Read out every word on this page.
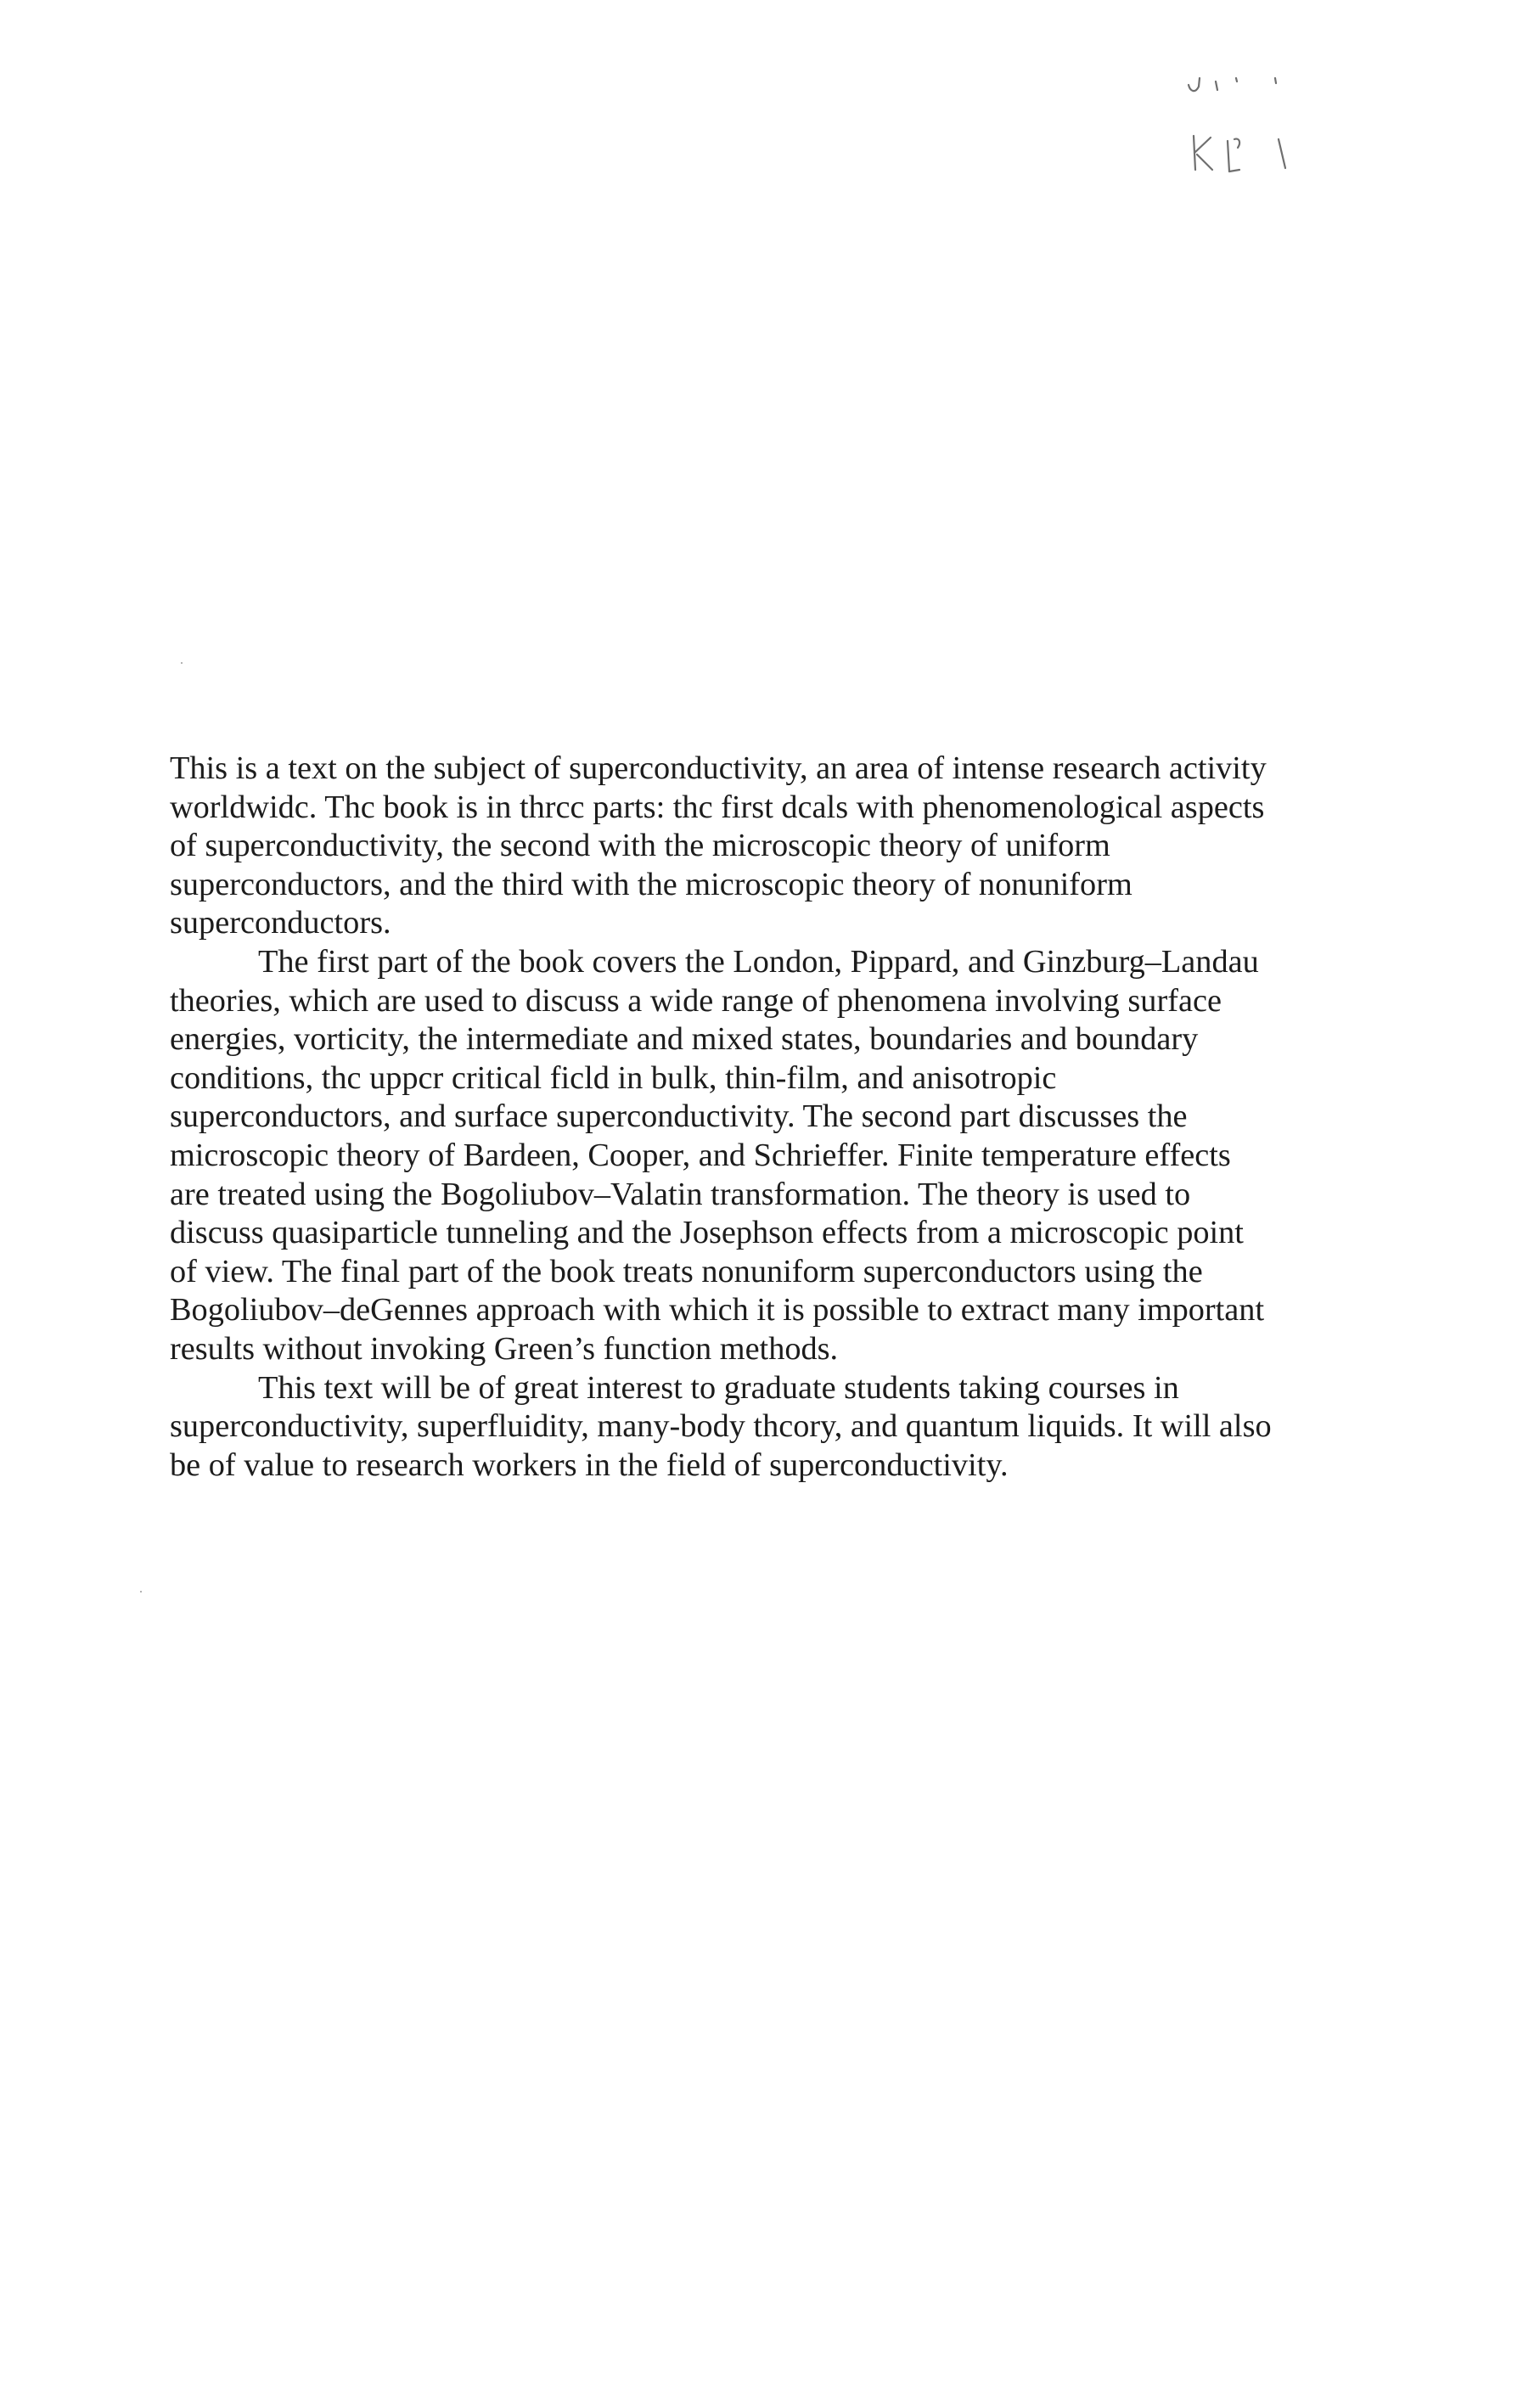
This is a text on the subject of superconductivity, an area of intense research activity worldwidc. Thc book is in thrcc parts: thc first dcals with phenomenological aspects of superconductivity, the second with the microscopic theory of uniform superconductors, and the third with the microscopic theory of nonuniform superconductors.

The first part of the book covers the London, Pippard, and Ginzburg–Landau theories, which are used to discuss a wide range of phenomena involving surface energies, vorticity, the intermediate and mixed states, boundaries and boundary conditions, thc uppcr critical ficld in bulk, thin-film, and anisotropic superconductors, and surface superconductivity. The second part discusses the microscopic theory of Bardeen, Cooper, and Schrieffer. Finite temperature effects are treated using the Bogoliubov–Valatin transformation. The theory is used to discuss quasiparticle tunneling and the Josephson effects from a microscopic point of view. The final part of the book treats nonuniform superconductors using the Bogoliubov–deGennes approach with which it is possible to extract many important results without invoking Green’s function methods.

This text will be of great interest to graduate students taking courses in superconductivity, superfluidity, many-body thcory, and quantum liquids. It will also be of value to research workers in the field of superconductivity.
